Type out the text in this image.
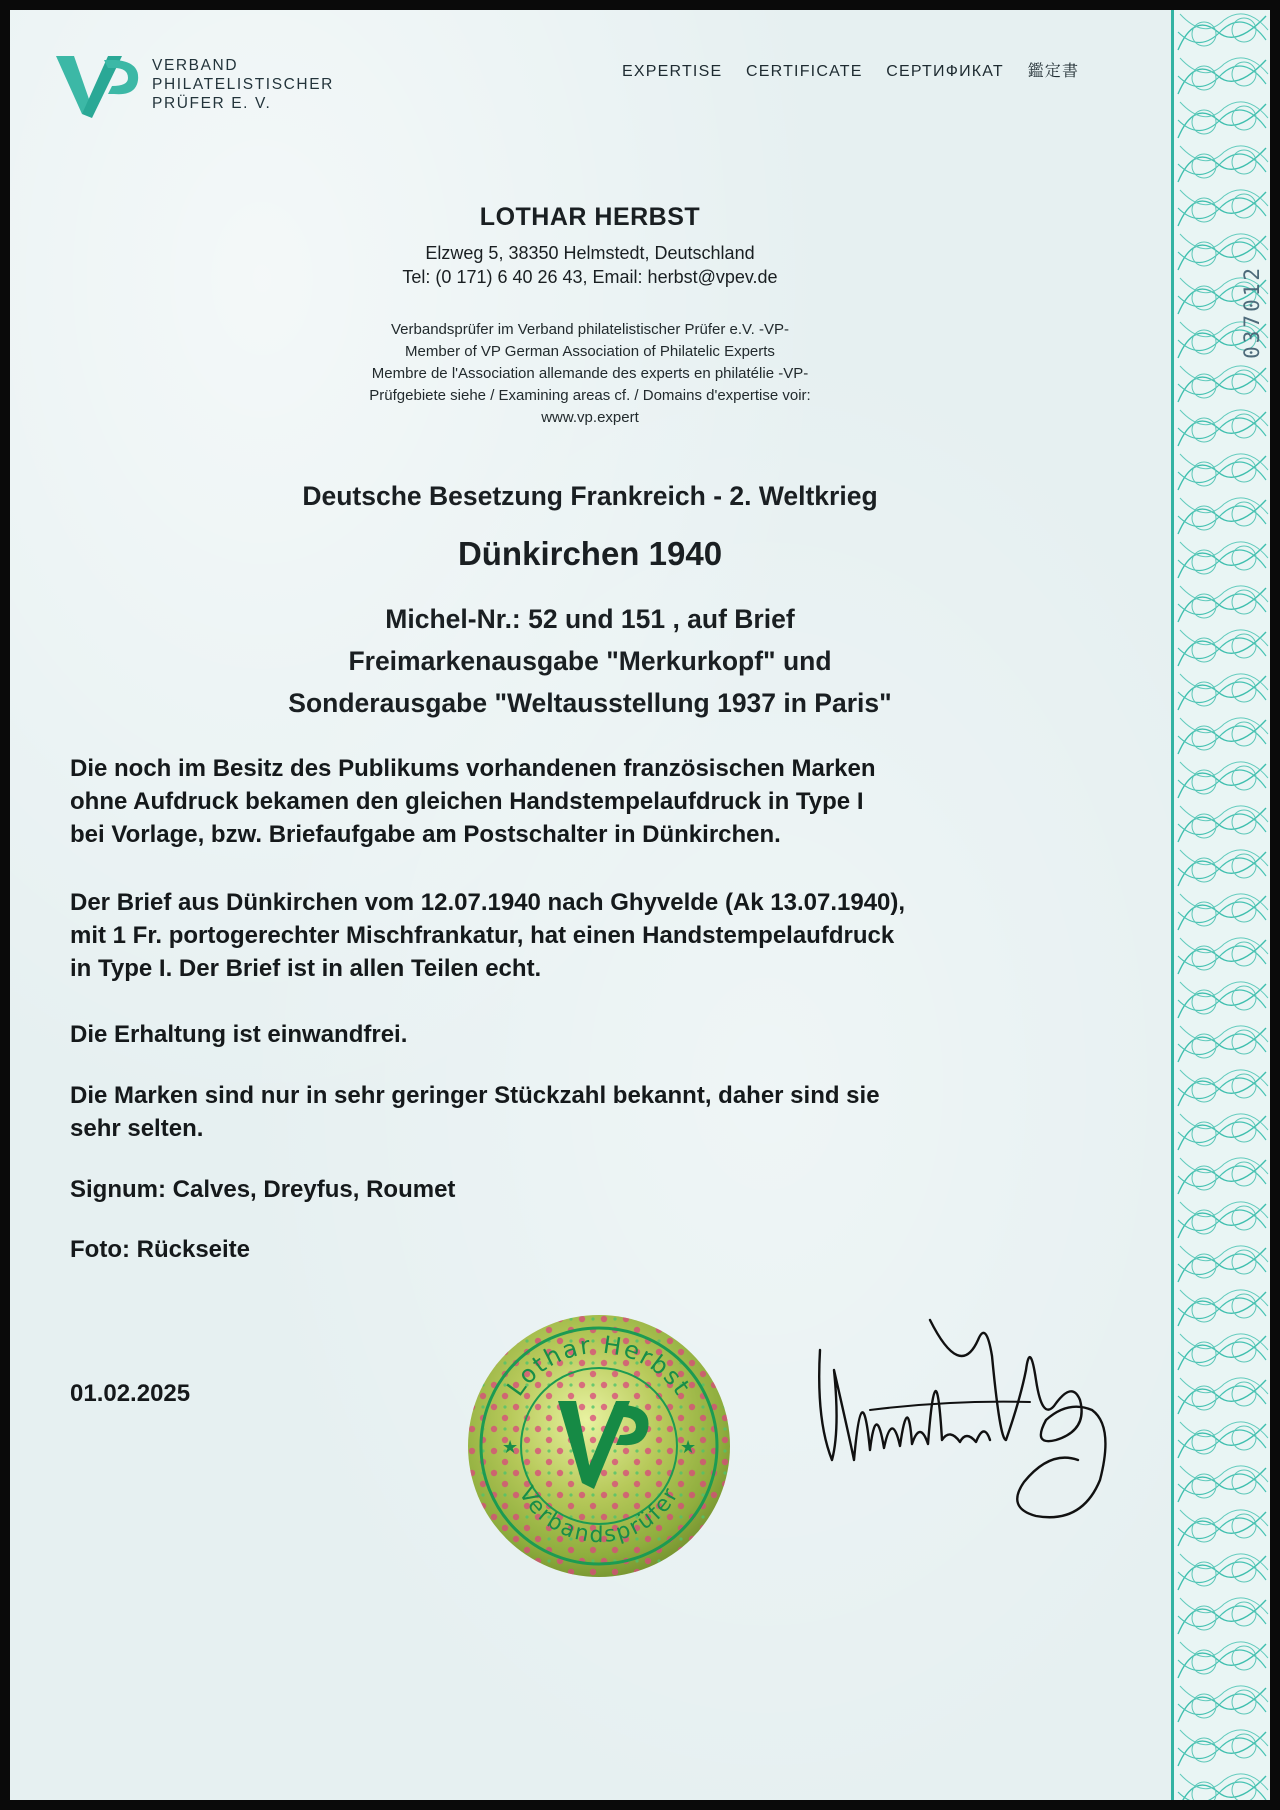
037012
VERBAND
PHILATELISTISCHER
PRÜFER E. V.
EXPERTISE CERTIFICATE СЕРТИФИКАТ 鑑定書
LOTHAR HERBST
Elzweg 5, 38350 Helmstedt, Deutschland
Tel: (0 171) 6 40 26 43, Email: herbst@vpev.de
Verbandsprüfer im Verband philatelistischer Prüfer e.V. -VP-
Member of VP German Association of Philatelic Experts
Membre de l'Association allemande des experts en philatélie -VP-
Prüfgebiete siehe / Examining areas cf. / Domains d'expertise voir:
www.vp.expert
Deutsche Besetzung Frankreich - 2. Weltkrieg
Dünkirchen 1940
Michel-Nr.: 52 und 151 , auf Brief
Freimarkenausgabe "Merkurkopf" und
Sonderausgabe "Weltausstellung 1937 in Paris"
Die noch im Besitz des Publikums vorhandenen französischen Marken
ohne Aufdruck bekamen den gleichen Handstempelaufdruck in Type I
bei Vorlage, bzw. Briefaufgabe am Postschalter in Dünkirchen.
Der Brief aus Dünkirchen vom 12.07.1940 nach Ghyvelde (Ak 13.07.1940),
mit 1 Fr. portogerechter Mischfrankatur, hat einen Handstempelaufdruck
in Type I. Der Brief ist in allen Teilen echt.
Die Erhaltung ist einwandfrei.
Die Marken sind nur in sehr geringer Stückzahl bekannt, daher sind sie
sehr selten.
Signum: Calves, Dreyfus, Roumet
Foto: Rückseite
01.02.2025	Lothar Herbst
Verbandsprüfer
★	★
